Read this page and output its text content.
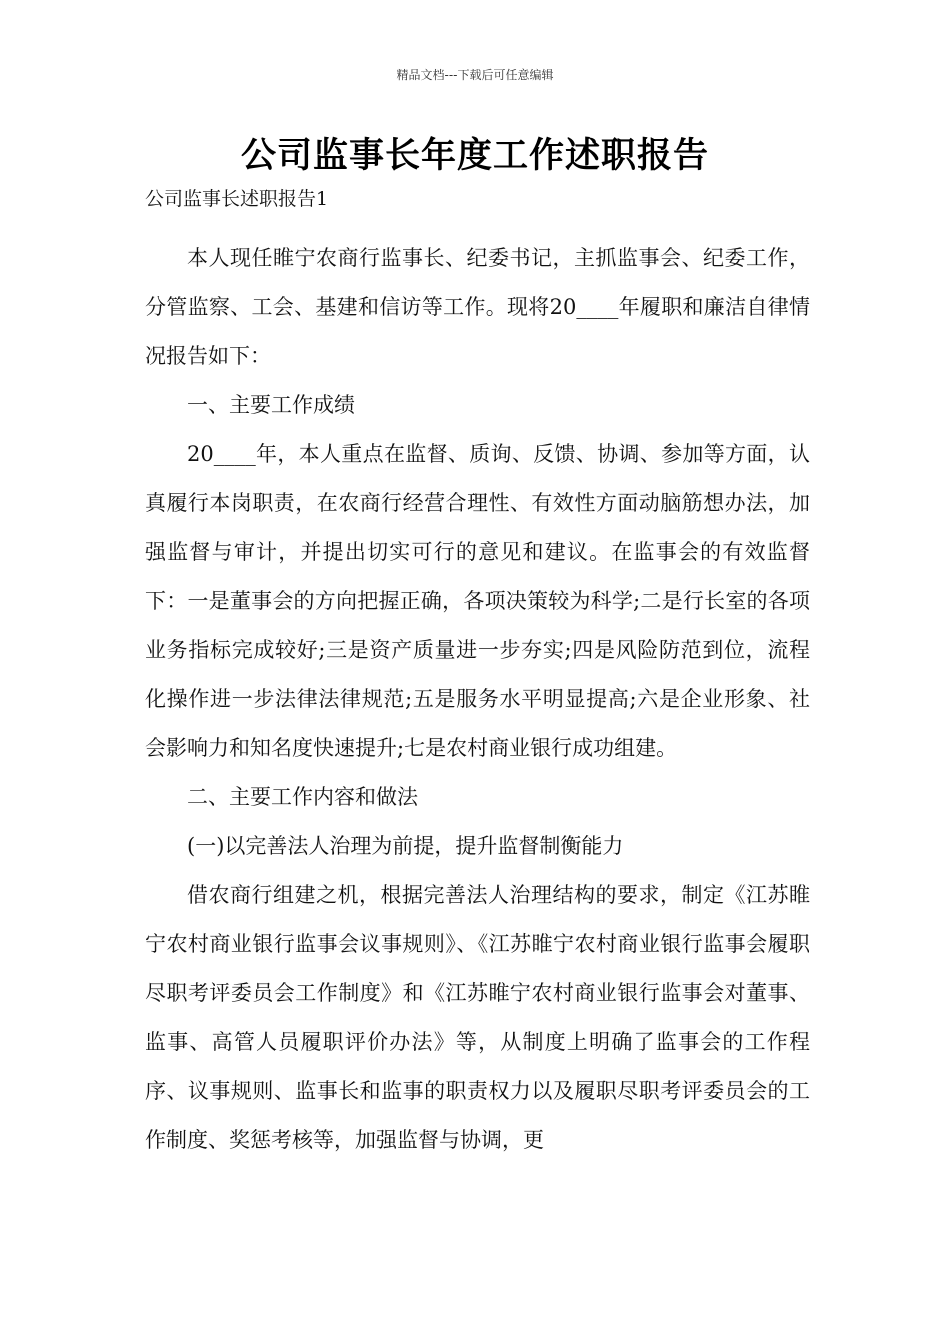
精品文档---下载后可任意编辑
公司监事长年度工作述职报告
公司监事长述职报告1

本人现任睢宁农商行监事长、纪委书记，主抓监事会、纪委工作，分管监察、工会、基建和信访等工作。现将20____年履职和廉洁自律情况报告如下：

一、主要工作成绩

20____年，本人重点在监督、质询、反馈、协调、参加等方面，认真履行本岗职责，在农商行经营合理性、有效性方面动脑筋想办法，加强监督与审计，并提出切实可行的意见和建议。在监事会的有效监督下：一是董事会的方向把握正确，各项决策较为科学;二是行长室的各项业务指标完成较好;三是资产质量进一步夯实;四是风险防范到位，流程化操作进一步法律法律规范;五是服务水平明显提高;六是企业形象、社会影响力和知名度快速提升;七是农村商业银行成功组建。

二、主要工作内容和做法

(一)以完善法人治理为前提，提升监督制衡能力

借农商行组建之机，根据完善法人治理结构的要求，制定《江苏睢宁农村商业银行监事会议事规则》、《江苏睢宁农村商业银行监事会履职尽职考评委员会工作制度》和《江苏睢宁农村商业银行监事会对董事、监事、高管人员履职评价办法》等，从制度上明确了监事会的工作程序、议事规则、监事长和监事的职责权力以及履职尽职考评委员会的工作制度、奖惩考核等，加强监督与协调，更
